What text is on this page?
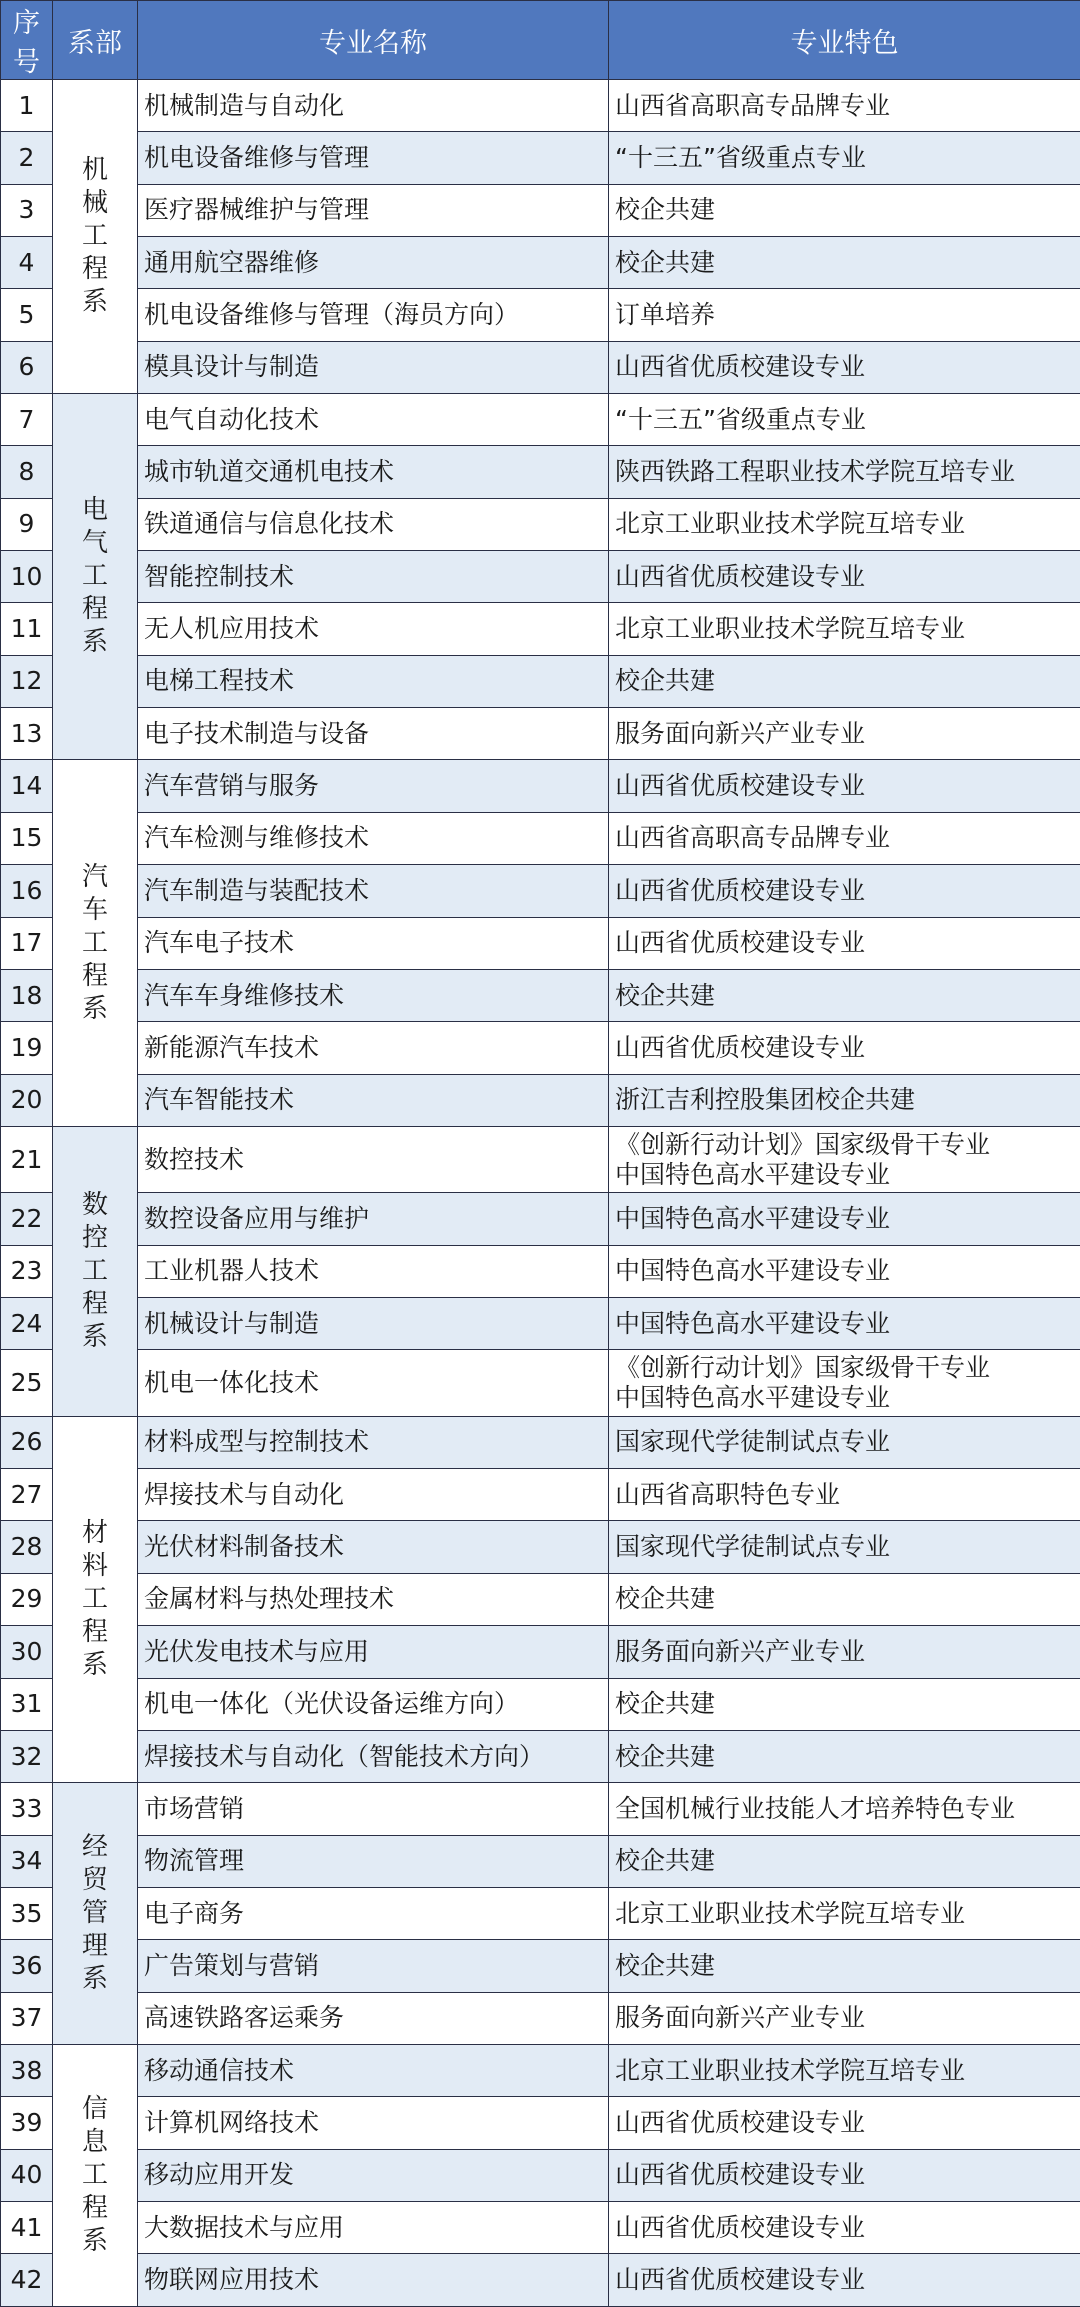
序号	系部	专业名称	专业特色
1	机械工程系	机械制造与自动化	山西省高职高专品牌专业
2		机电设备维修与管理	“十三五”省级重点专业
3		医疗器械维护与管理	校企共建
4		通用航空器维修	校企共建
5		机电设备维修与管理（海员方向）	订单培养
6		模具设计与制造	山西省优质校建设专业
7	电气工程系	电气自动化技术	“十三五”省级重点专业
8		城市轨道交通机电技术	陕西铁路工程职业技术学院互培专业
9		铁道通信与信息化技术	北京工业职业技术学院互培专业
10		智能控制技术	山西省优质校建设专业
11		无人机应用技术	北京工业职业技术学院互培专业
12		电梯工程技术	校企共建
13		电子技术制造与设备	服务面向新兴产业专业
14	汽车工程系	汽车营销与服务	山西省优质校建设专业
15		汽车检测与维修技术	山西省高职高专品牌专业
16		汽车制造与装配技术	山西省优质校建设专业
17		汽车电子技术	山西省优质校建设专业
18		汽车车身维修技术	校企共建
19		新能源汽车技术	山西省优质校建设专业
20		汽车智能技术	浙江吉利控股集团校企共建
21	数控工程系	数控技术	《创新行动计划》国家级骨干专业
中国特色高水平建设专业

22		数控设备应用与维护	中国特色高水平建设专业
23		工业机器人技术	中国特色高水平建设专业
24		机械设计与制造	中国特色高水平建设专业
25		机电一体化技术	《创新行动计划》国家级骨干专业
中国特色高水平建设专业

26	材料工程系	材料成型与控制技术	国家现代学徒制试点专业
27		焊接技术与自动化	山西省高职特色专业
28		光伏材料制备技术	国家现代学徒制试点专业
29		金属材料与热处理技术	校企共建
30		光伏发电技术与应用	服务面向新兴产业专业
31		机电一体化（光伏设备运维方向）	校企共建
32		焊接技术与自动化（智能技术方向）	校企共建
33	经贸管理系	市场营销	全国机械行业技能人才培养特色专业
34		物流管理	校企共建
35		电子商务	北京工业职业技术学院互培专业
36		广告策划与营销	校企共建
37		高速铁路客运乘务	服务面向新兴产业专业
38	信息工程系	移动通信技术	北京工业职业技术学院互培专业
39		计算机网络技术	山西省优质校建设专业
40		移动应用开发	山西省优质校建设专业
41		大数据技术与应用	山西省优质校建设专业
42		物联网应用技术	山西省优质校建设专业
